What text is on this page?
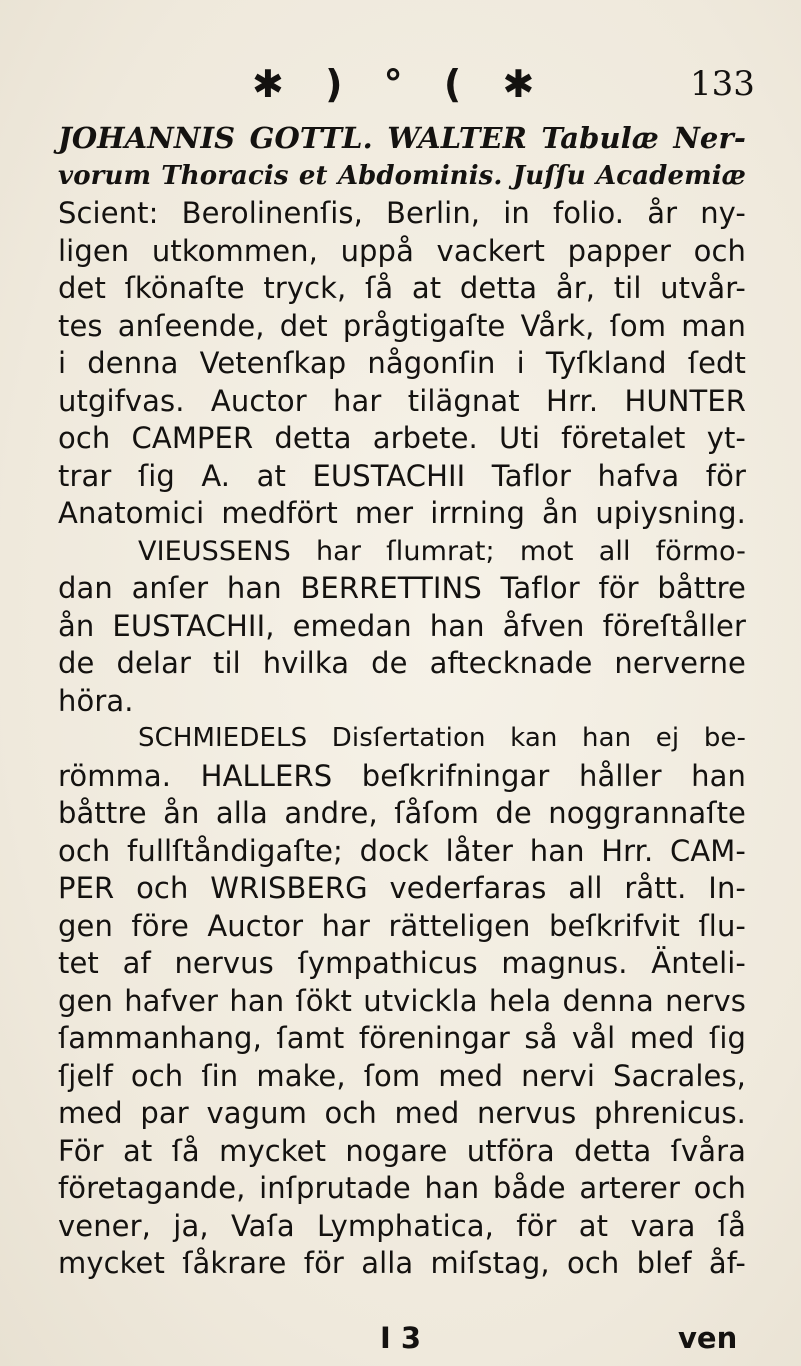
✱ ) ° ( ✱	133
JOHANNIS GOTTL. WALTER Tabulæ Ner-
vorum Thoracis et Abdominis. Juſſu Academiæ
Scient: Berolinenſis, Berlin, in folio. år ny-
ligen utkommen, uppå vackert papper och
det ſkönaſte tryck, ſå at detta år, til utvår-
tes anſeende, det prågtigaſte Vårk, ſom man
i denna Vetenſkap någonſin i Tyſkland ſedt
utgifvas. Auctor har tilägnat Hrr. HUNTER
och CAMPER detta arbete. Uti företalet yt-
trar ſig A. at EUSTACHII Taflor hafva för
Anatomici medfört mer irrning ån upiysning.
VIEUSSENS har ſlumrat; mot all förmo-
dan anſer han BERRETTINS Taflor för båttre
ån EUSTACHII, emedan han åfven föreſtåller
de delar til hvilka de aftecknade nerverne
höra.
SCHMIEDELS Disſertation kan han ej be-
römma. HALLERS beſkrifningar håller han
båttre ån alla andre, ſåſom de noggrannaſte
och fullſtåndigaſte; dock låter han Hrr. CAM-
PER och WRISBERG vederfaras all rått. In-
gen före Auctor har rätteligen beſkrifvit ſlu-
tet af nervus ſympathicus magnus. Änteli-
gen hafver han ſökt utvickla hela denna nervs
ſammanhang, ſamt föreningar så vål med ſig
ſjelf och ſin make, ſom med nervi Sacrales,
med par vagum och med nervus phrenicus.
För at ſå mycket nogare utföra detta ſvåra
företagande, inſprutade han både arterer och
vener, ja, Vaſa Lymphatica, för at vara ſå
mycket ſåkrare för alla miſstag, och blef åf-
I 3	ven
